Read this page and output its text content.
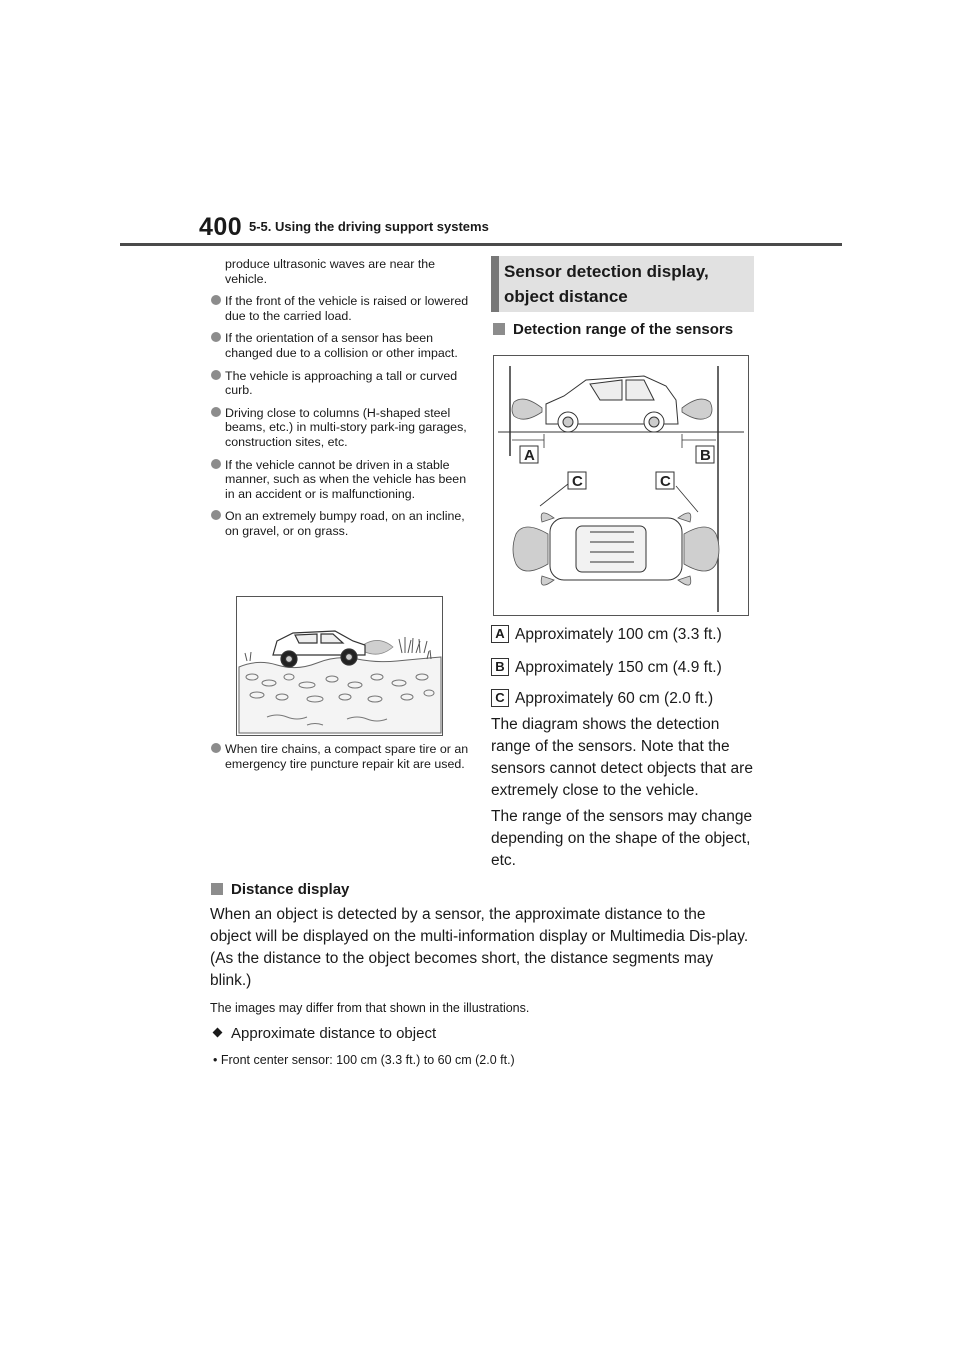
400 5-5. Using the driving support systems
produce ultrasonic waves are near the vehicle.
If the front of the vehicle is raised or lowered due to the carried load.
If the orientation of a sensor has been changed due to a collision or other impact.
The vehicle is approaching a tall or curved curb.
Driving close to columns (H-shaped steel beams, etc.) in multi-story park-ing garages, construction sites, etc.
If the vehicle cannot be driven in a stable manner, such as when the vehicle has been in an accident or is malfunctioning.
On an extremely bumpy road, on an incline, on gravel, or on grass.
When tire chains, a compact spare tire or an emergency tire puncture repair kit are used.
Sensor detection display, object distance
Detection range of the sensors
A	B
C	C
A Approximately 100 cm (3.3 ft.)
B Approximately 150 cm (4.9 ft.)
C Approximately 60 cm (2.0 ft.)
The diagram shows the detection range of the sensors. Note that the sensors cannot detect objects that are extremely close to the vehicle.
The range of the sensors may change depending on the shape of the object, etc.
Distance display
When an object is detected by a sensor, the approximate distance to the object will be displayed on the multi-information display or Multimedia Dis-play. (As the distance to the object becomes short, the distance segments may blink.)
The images may differ from that shown in the illustrations.
Approximate distance to object
• Front center sensor: 100 cm (3.3 ft.) to 60 cm (2.0 ft.)
